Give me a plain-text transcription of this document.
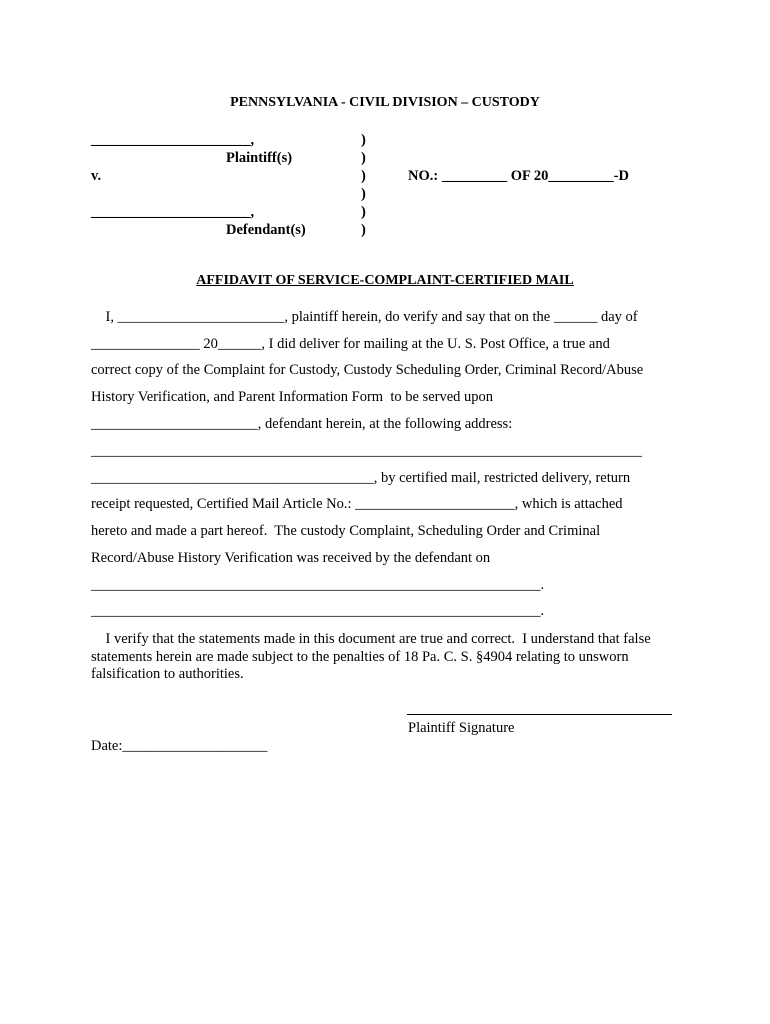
PENNSYLVANIA - CIVIL DIVISION – CUSTODY
______________________,
Plaintiff(s)
v.
______________________,
Defendant(s)
)
)
)
)
)
)
NO.: _________ OF 20_________-D
AFFIDAVIT OF SERVICE-COMPLAINT-CERTIFIED MAIL
I, _______________________, plaintiff herein, do verify and say that on the ______ day of
_______________ 20______, I did deliver for mailing at the U. S. Post Office, a true and
correct copy of the Complaint for Custody, Custody Scheduling Order, Criminal Record/Abuse
History Verification, and Parent Information Form  to be served upon
_______________________, defendant herein, at the following address:
____________________________________________________________________________
_______________________________________, by certified mail, restricted delivery, return
receipt requested, Certified Mail Article No.: ______________________, which is attached
hereto and made a part hereof.  The custody Complaint, Scheduling Order and Criminal
Record/Abuse History Verification was received by the defendant on
______________________________________________________________.
______________________________________________________________.
I verify that the statements made in this document are true and correct.  I understand that false
statements herein are made subject to the penalties of 18 Pa. C. S. §4904 relating to unsworn
falsification to authorities.
Plaintiff Signature
Date:____________________
